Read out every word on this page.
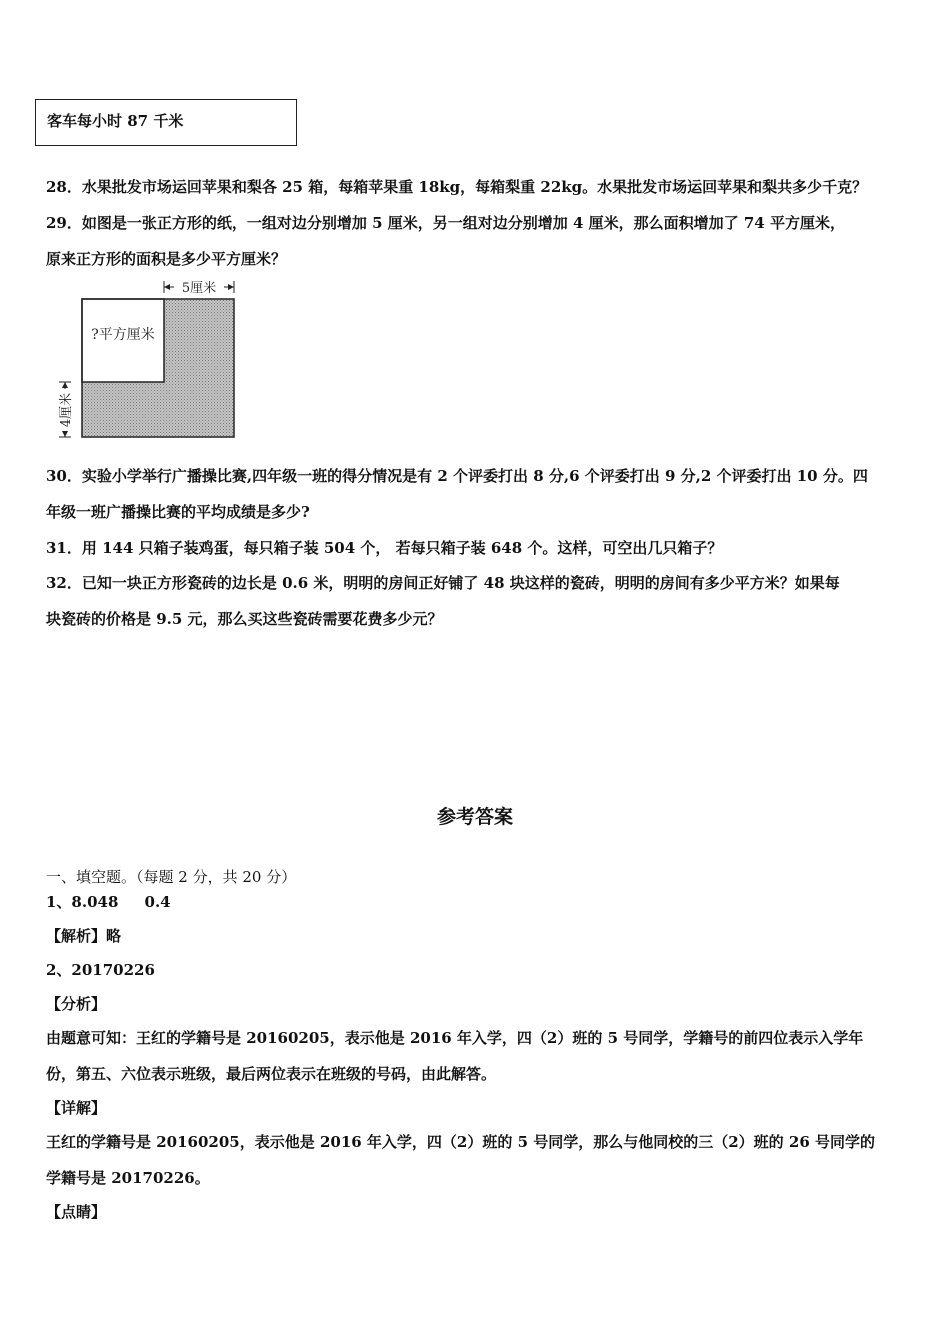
客车每小时 87 千米
28．水果批发市场运回苹果和梨各 25 箱，每箱苹果重 18kg，每箱梨重 22kg。水果批发市场运回苹果和梨共多少千克？
29．如图是一张正方形的纸，一组对边分别增加 5 厘米，另一组对边分别增加 4 厘米，那么面积增加了 74 平方厘米，
原来正方形的面积是多少平方厘米？
5厘米
?平方厘米
4厘米
30．实验小学举行广播操比赛,四年级一班的得分情况是有 2 个评委打出 8 分,6 个评委打出 9 分,2 个评委打出 10 分。四
年级一班广播操比赛的平均成绩是多少?
31．用 144 只箱子装鸡蛋，每只箱子装 504 个， 若每只箱子装 648 个。这样，可空出几只箱子？
32．已知一块正方形瓷砖的边长是 0.6 米，明明的房间正好铺了 48 块这样的瓷砖，明明的房间有多少平方米？如果每
块瓷砖的价格是 9.5 元，那么买这些瓷砖需要花费多少元？
参考答案
一、填空题。（每题 2 分，共 20 分）
1、8.048     0.4
【解析】略
2、20170226
【分析】
由题意可知：王红的学籍号是 20160205，表示他是 2016 年入学，四（2）班的 5 号同学，学籍号的前四位表示入学年
份，第五、六位表示班级，最后两位表示在班级的号码，由此解答。
【详解】
王红的学籍号是 20160205，表示他是 2016 年入学，四（2）班的 5 号同学，那么与他同校的三（2）班的 26 号同学的
学籍号是 20170226。
【点睛】
